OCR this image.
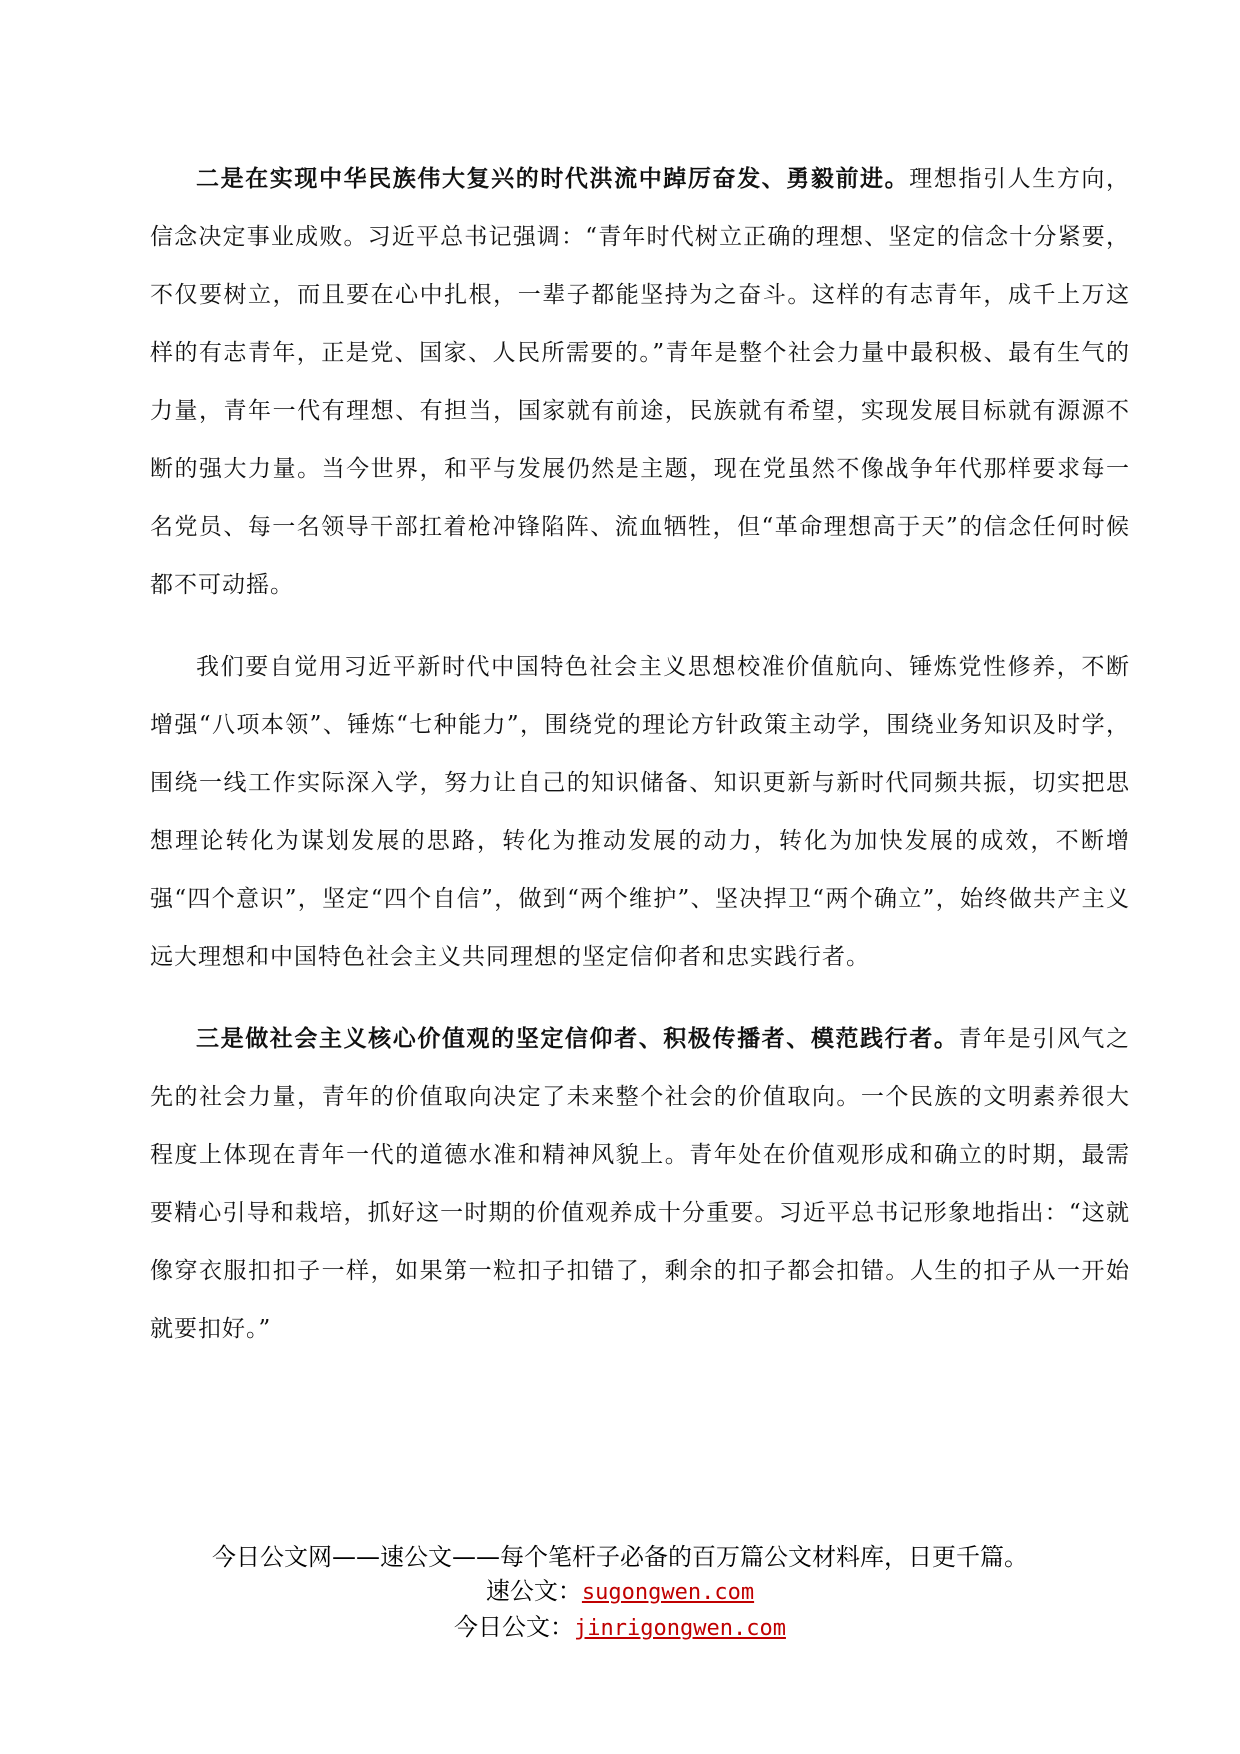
二是在实现中华民族伟大复兴的时代洪流中踔厉奋发、勇毅前进。理想指引人生方向，信念决定事业成败。习近平总书记强调：“青年时代树立正确的理想、坚定的信念十分紧要，不仅要树立，而且要在心中扎根，一辈子都能坚持为之奋斗。这样的有志青年，成千上万这样的有志青年，正是党、国家、人民所需要的。”青年是整个社会力量中最积极、最有生气的力量，青年一代有理想、有担当，国家就有前途，民族就有希望，实现发展目标就有源源不断的强大力量。当今世界，和平与发展仍然是主题，现在党虽然不像战争年代那样要求每一名党员、每一名领导干部扛着枪冲锋陷阵、流血牺牲，但“革命理想高于天”的信念任何时候都不可动摇。

我们要自觉用习近平新时代中国特色社会主义思想校准价值航向、锤炼党性修养，不断增强“八项本领”、锤炼“七种能力”，围绕党的理论方针政策主动学，围绕业务知识及时学，围绕一线工作实际深入学，努力让自己的知识储备、知识更新与新时代同频共振，切实把思想理论转化为谋划发展的思路，转化为推动发展的动力，转化为加快发展的成效，不断增强“四个意识”，坚定“四个自信”，做到“两个维护”、坚决捍卫“两个确立”，始终做共产主义远大理想和中国特色社会主义共同理想的坚定信仰者和忠实践行者。

三是做社会主义核心价值观的坚定信仰者、积极传播者、模范践行者。青年是引风气之先的社会力量，青年的价值取向决定了未来整个社会的价值取向。一个民族的文明素养很大程度上体现在青年一代的道德水准和精神风貌上。青年处在价值观形成和确立的时期，最需要精心引导和栽培，抓好这一时期的价值观养成十分重要。习近平总书记形象地指出：“这就像穿衣服扣扣子一样，如果第一粒扣子扣错了，剩余的扣子都会扣错。人生的扣子从一开始就要扣好。”

今日公文网——速公文——每个笔杆子必备的百万篇公文材料库，日更千篇。
速公文：sugongwen.com
今日公文：jinrigongwen.com
